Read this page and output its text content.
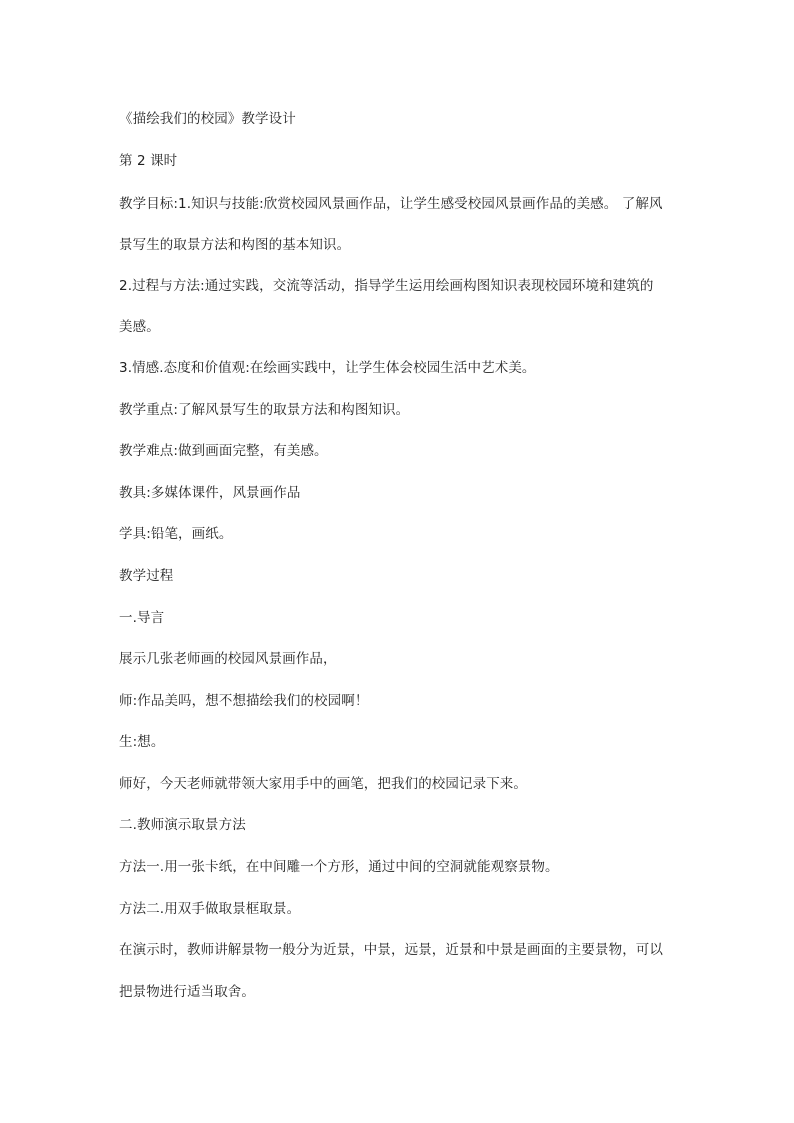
《描绘我们的校园》教学设计
第 2 课时
教学目标:1.知识与技能:欣赏校园风景画作品，让学生感受校园风景画作品的美感。 了解风
景写生的取景方法和构图的基本知识。
2.过程与方法:通过实践，交流等活动，指导学生运用绘画构图知识表现校园环境和建筑的
美感。
3.情感.态度和价值观:在绘画实践中，让学生体会校园生活中艺术美。
教学重点:了解风景写生的取景方法和构图知识。
教学难点:做到画面完整，有美感。
教具:多媒体课件，风景画作品
学具:铅笔，画纸。
教学过程
一.导言
展示几张老师画的校园风景画作品，
师:作品美吗，想不想描绘我们的校园啊！
生:想。
师好，今天老师就带领大家用手中的画笔，把我们的校园记录下来。
二.教师演示取景方法
方法一.用一张卡纸，在中间雕一个方形，通过中间的空洞就能观察景物。
方法二.用双手做取景框取景。
在演示时，教师讲解景物一般分为近景，中景，远景，近景和中景是画面的主要景物，可以
把景物进行适当取舍。
